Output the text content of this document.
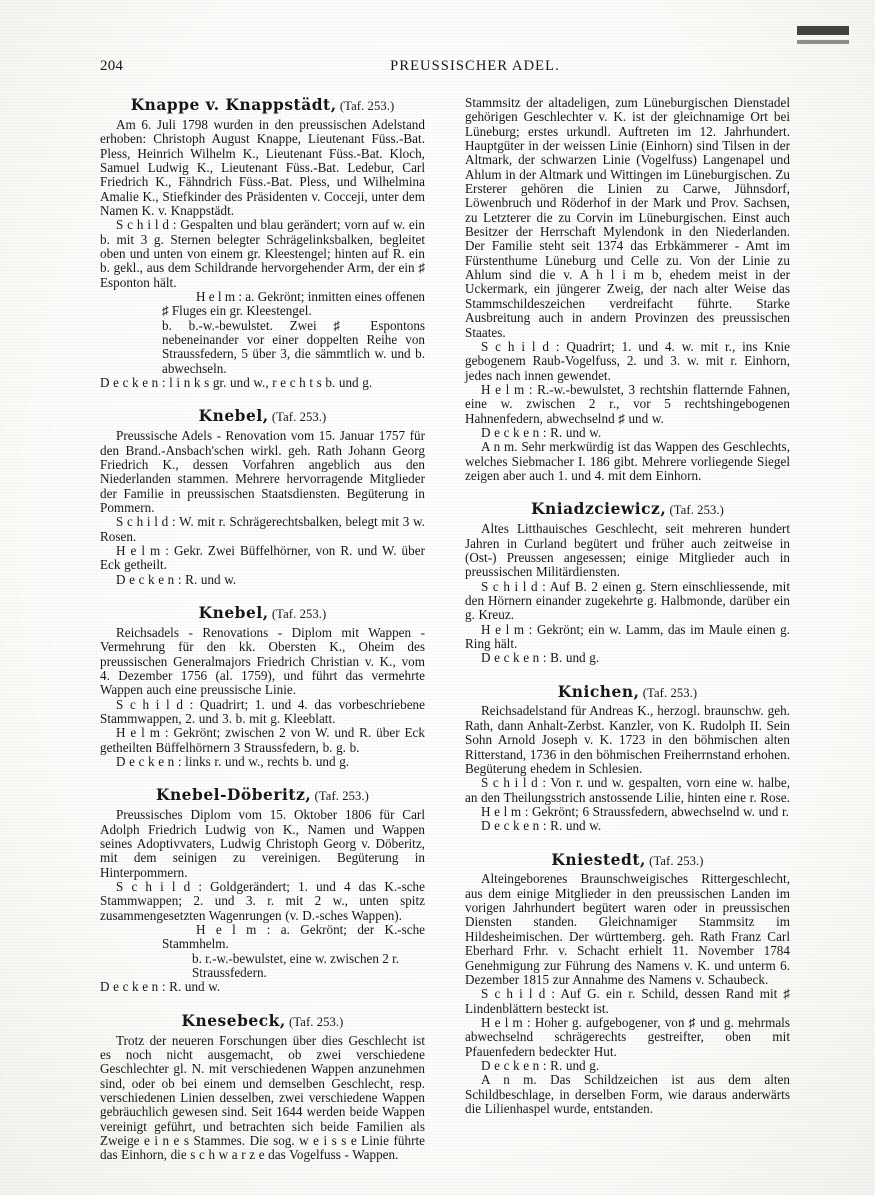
204	PREUSSISCHER ADEL.
Knappe v. Knappstädt, (Taf. 253.)

Am 6. Juli 1798 wurden in den preussischen Adelstand erhoben: Christoph August Knappe, Lieutenant Füss.-Bat. Pless, Heinrich Wilhelm K., Lieutenant Füss.-Bat. Kloch, Samuel Ludwig K., Lieutenant Füss.-Bat. Ledebur, Carl Friedrich K., Fähndrich Füss.-Bat. Pless, und Wilhelmina Amalie K., Stiefkinder des Präsidenten v. Cocceji, unter dem Namen K. v. Knappstädt.

S c h i l d : Gespalten und blau gerändert; vorn auf w. ein b. mit 3 g. Sternen belegter Schrägelinksbalken, begleitet oben und unten von einem gr. Kleestengel; hinten auf R. ein b. gekl., aus dem Schildrande hervorgehender Arm, der ein ♯ Esponton hält.

H e l m : a. Gekrönt; inmitten eines offenen ♯ Fluges ein gr. Kleestengel.

b. b.-w.-bewulstet. Zwei ♯ Espontons nebeneinander vor einer doppelten Reihe von Straussfedern, 5 über 3, die sämmtlich w. und b. abwechseln.

D e c k e n : l i n k s gr. und w., r e c h t s b. und g.

Knebel, (Taf. 253.)

Preussische Adels - Renovation vom 15. Januar 1757 für den Brand.-Ansbach'schen wirkl. geh. Rath Johann Georg Friedrich K., dessen Vorfahren angeblich aus den Niederlanden stammen. Mehrere hervorragende Mitglieder der Familie in preussischen Staatsdiensten. Begüterung in Pommern.

S c h i l d : W. mit r. Schrägerechtsbalken, belegt mit 3 w. Rosen.

H e l m : Gekr. Zwei Büffelhörner, von R. und W. über Eck getheilt.

D e c k e n : R. und w.

Knebel, (Taf. 253.)

Reichsadels - Renovations - Diplom mit Wappen - Vermehrung für den kk. Obersten K., Oheim des preussischen Generalmajors Friedrich Christian v. K., vom 4. Dezember 1756 (al. 1759), und führt das vermehrte Wappen auch eine preussische Linie.

S c h i l d : Quadrirt; 1. und 4. das vorbeschriebene Stammwappen, 2. und 3. b. mit g. Kleeblatt.

H e l m : Gekrönt; zwischen 2 von W. und R. über Eck getheilten Büffelhörnern 3 Straussfedern, b. g. b.

D e c k e n : links r. und w., rechts b. und g.

Knebel-Döberitz, (Taf. 253.)

Preussisches Diplom vom 15. Oktober 1806 für Carl Adolph Friedrich Ludwig von K., Namen und Wappen seines Adoptivvaters, Ludwig Christoph Georg v. Döberitz, mit dem seinigen zu vereinigen. Begüterung in Hinterpommern.

S c h i l d : Goldgerändert; 1. und 4 das K.-sche Stammwappen; 2. und 3. r. mit 2 w., unten spitz zusammengesetzten Wagenrungen (v. D.-sches Wappen).

H e l m : a. Gekrönt; der K.-sche Stammhelm.

b. r.-w.-bewulstet, eine w. zwischen 2 r. Straussfedern.

D e c k e n : R. und w.

Knesebeck, (Taf. 253.)

Trotz der neueren Forschungen über dies Geschlecht ist es noch nicht ausgemacht, ob zwei verschiedene Geschlechter gl. N. mit verschiedenen Wappen anzunehmen sind, oder ob bei einem und demselben Geschlecht, resp. verschiedenen Linien desselben, zwei verschiedene Wappen gebräuchlich gewesen sind. Seit 1644 werden beide Wappen vereinigt geführt, und betrachten sich beide Familien als Zweige e i n e s Stammes. Die sog. w e i s s e Linie führte das Einhorn, die s c h w a r z e das Vogelfuss - Wappen.

Stammsitz der altadeligen, zum Lüneburgischen Dienstadel gehörigen Geschlechter v. K. ist der gleichnamige Ort bei Lüneburg; erstes urkundl. Auftreten im 12. Jahrhundert. Hauptgüter in der weissen Linie (Einhorn) sind Tilsen in der Altmark, der schwarzen Linie (Vogelfuss) Langenapel und Ahlum in der Altmark und Wittingen im Lüneburgischen. Zu Ersterer gehören die Linien zu Carwe, Jühnsdorf, Löwenbruch und Röderhof in der Mark und Prov. Sachsen, zu Letzterer die zu Corvin im Lüneburgischen. Einst auch Besitzer der Herrschaft Mylendonk in den Niederlanden. Der Familie steht seit 1374 das Erbkämmerer - Amt im Fürstenthume Lüneburg und Celle zu. Von der Linie zu Ahlum sind die v. A h l i m b, ehedem meist in der Uckermark, ein jüngerer Zweig, der nach alter Weise das Stammschildeszeichen verdreifacht führte. Starke Ausbreitung auch in andern Provinzen des preussischen Staates.

S c h i l d : Quadrirt; 1. und 4. w. mit r., ins Knie gebogenem Raub-Vogelfuss, 2. und 3. w. mit r. Einhorn, jedes nach innen gewendet.

H e l m : R.-w.-bewulstet, 3 rechtshin flatternde Fahnen, eine w. zwischen 2 r., vor 5 rechtshingebogenen Hahnenfedern, abwechselnd ♯ und w.

D e c k e n : R. und w.

A n m. Sehr merkwürdig ist das Wappen des Geschlechts, welches Siebmacher I. 186 gibt. Mehrere vorliegende Siegel zeigen aber auch 1. und 4. mit dem Einhorn.

Kniadzciewicz, (Taf. 253.)

Altes Litthauisches Geschlecht, seit mehreren hundert Jahren in Curland begütert und früher auch zeitweise in (Ost-) Preussen angesessen; einige Mitglieder auch in preussischen Militärdiensten.

S c h i l d : Auf B. 2 einen g. Stern einschliessende, mit den Hörnern einander zugekehrte g. Halbmonde, darüber ein g. Kreuz.

H e l m : Gekrönt; ein w. Lamm, das im Maule einen g. Ring hält.

D e c k e n : B. und g.

Knichen, (Taf. 253.)

Reichsadelstand für Andreas K., herzogl. braunschw. geh. Rath, dann Anhalt-Zerbst. Kanzler, von K. Rudolph II. Sein Sohn Arnold Joseph v. K. 1723 in den böhmischen alten Ritterstand, 1736 in den böhmischen Freiherrnstand erhohen. Begüterung ehedem in Schlesien.

S c h i l d : Von r. und w. gespalten, vorn eine w. halbe, an den Theilungsstrich anstossende Lilie, hinten eine r. Rose.

H e l m : Gekrönt; 6 Straussfedern, abwechselnd w. und r.

D e c k e n : R. und w.

Kniestedt, (Taf. 253.)

Alteingeborenes Braunschweigisches Rittergeschlecht, aus dem einige Mitglieder in den preussischen Landen im vorigen Jahrhundert begütert waren oder in preussischen Diensten standen. Gleichnamiger Stammsitz im Hildesheimischen. Der württemberg. geh. Rath Franz Carl Eberhard Frhr. v. Schacht erhielt 11. November 1784 Genehmigung zur Führung des Namens v. K. und unterm 6. Dezember 1815 zur Annahme des Namens v. Schaubeck.

S c h i l d : Auf G. ein r. Schild, dessen Rand mit ♯ Lindenblättern besteckt ist.

H e l m : Hoher g. aufgebogener, von ♯ und g. mehrmals abwechselnd schrägerechts gestreifter, oben mit Pfauenfedern bedeckter Hut.

D e c k e n : R. und g.

A n m. Das Schildzeichen ist aus dem alten Schildbeschlage, in derselben Form, wie daraus anderwärts die Lilienhaspel wurde, entstanden.
